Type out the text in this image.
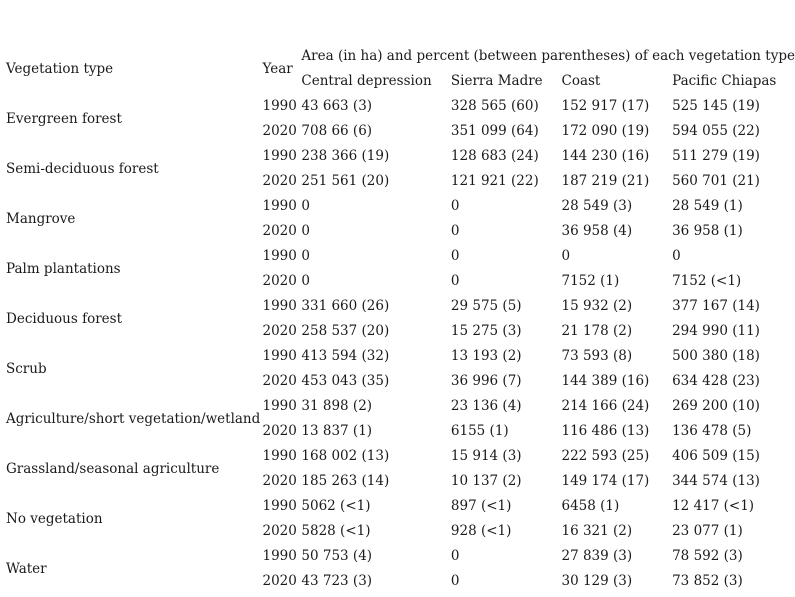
Vegetation type	Year	Area (in ha) and percent (between parentheses) of each vegetation type			
		Central depression	Sierra Madre	Coast	Pacific Chiapas
Evergreen forest	1990	43 663 (3)	328 565 (60)	152 917 (17)	525 145 (19)
	2020	708 66 (6)	351 099 (64)	172 090 (19)	594 055 (22)
Semi-deciduous forest	1990	238 366 (19)	128 683 (24)	144 230 (16)	511 279 (19)
	2020	251 561 (20)	121 921 (22)	187 219 (21)	560 701 (21)
Mangrove	1990	0	0	28 549 (3)	28 549 (1)
	2020	0	0	36 958 (4)	36 958 (1)
Palm plantations	1990	0	0	0	0
	2020	0	0	7152 (1)	7152 (<1)
Deciduous forest	1990	331 660 (26)	29 575 (5)	15 932 (2)	377 167 (14)
	2020	258 537 (20)	15 275 (3)	21 178 (2)	294 990 (11)
Scrub	1990	413 594 (32)	13 193 (2)	73 593 (8)	500 380 (18)
	2020	453 043 (35)	36 996 (7)	144 389 (16)	634 428 (23)
Agriculture/short vegetation/wetland	1990	31 898 (2)	23 136 (4)	214 166 (24)	269 200 (10)
	2020	13 837 (1)	6155 (1)	116 486 (13)	136 478 (5)
Grassland/seasonal agriculture	1990	168 002 (13)	15 914 (3)	222 593 (25)	406 509 (15)
	2020	185 263 (14)	10 137 (2)	149 174 (17)	344 574 (13)
No vegetation	1990	5062 (<1)	897 (<1)	6458 (1)	12 417 (<1)
	2020	5828 (<1)	928 (<1)	16 321 (2)	23 077 (1)
Water	1990	50 753 (4)	0	27 839 (3)	78 592 (3)
	2020	43 723 (3)	0	30 129 (3)	73 852 (3)
